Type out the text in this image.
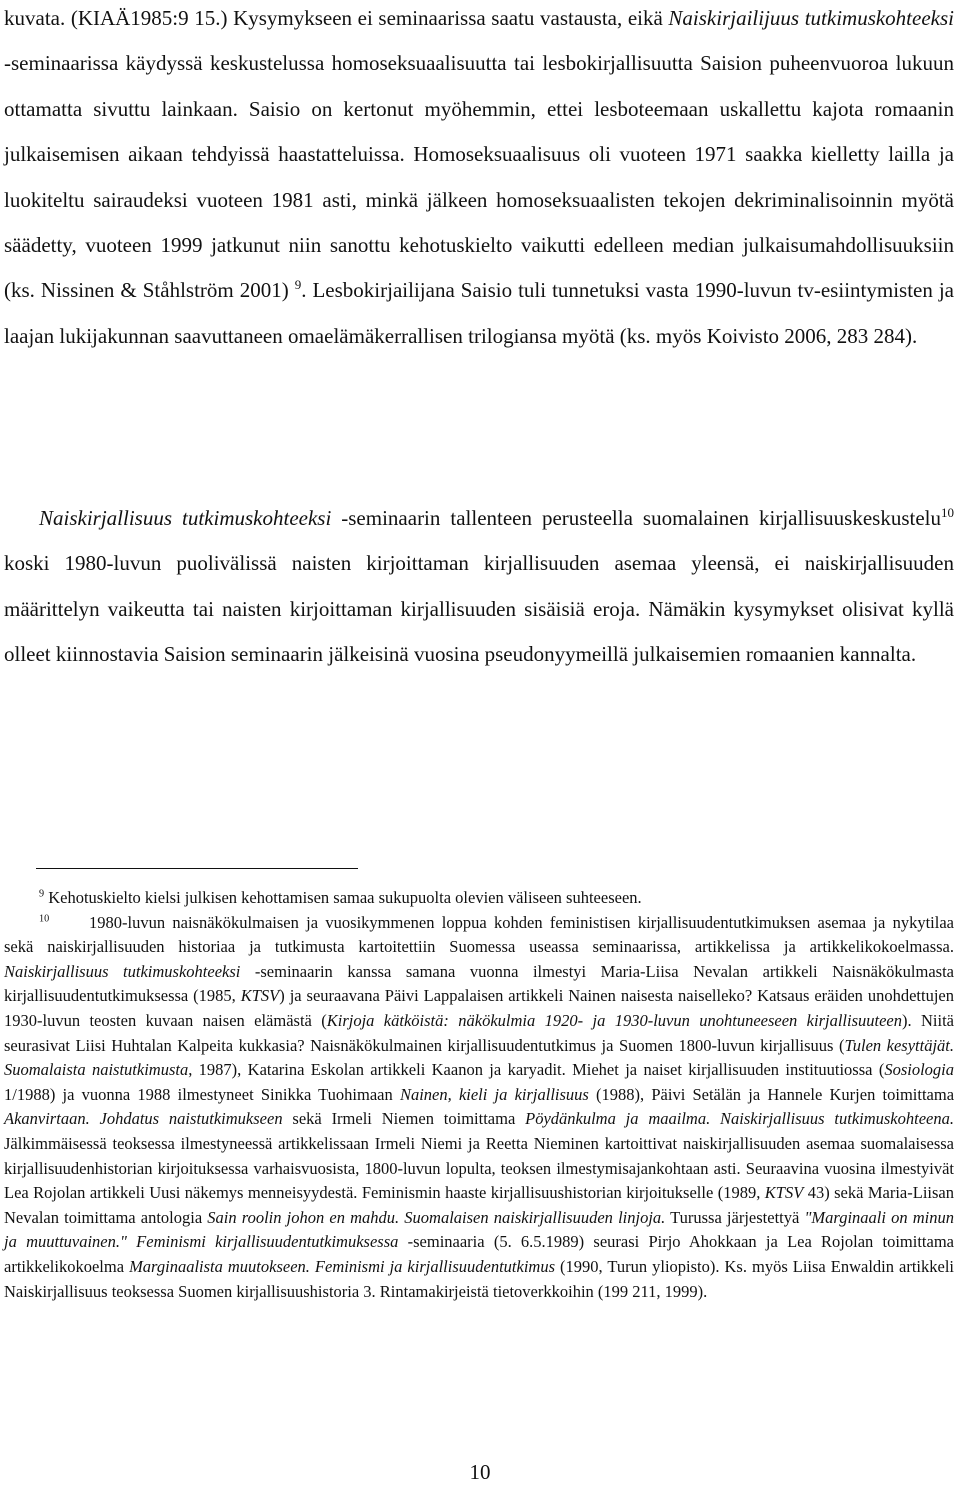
kuvata. (KIAÄ1985:9 15.) Kysymykseen ei seminaarissa saatu vastausta, eikä Naiskirjailijuus tutkimuskohteeksi -seminaarissa käydyssä keskustelussa homoseksuaalisuutta tai lesbokirjallisuutta Saision puheenvuoroa lukuun ottamatta sivuttu lainkaan. Saisio on kertonut myöhemmin, ettei lesboteemaan uskallettu kajota romaanin julkaisemisen aikaan tehdyissä haastatteluissa. Homoseksuaalisuus oli vuoteen 1971 saakka kielletty lailla ja luokiteltu sairaudeksi vuoteen 1981 asti, minkä jälkeen homoseksuaalisten tekojen dekriminalisoinnin myötä säädetty, vuoteen 1999 jatkunut niin sanottu kehotuskielto vaikutti edelleen median julkaisumahdollisuuksiin (ks. Nissinen & Ståhlström 2001) $^9$. Lesbokirjailijana Saisio tuli tunnetuksi vasta 1990-luvun tv-esiintymisten ja laajan lukijakunnan saavuttaneen omaelämäkerrallisen trilogiansa myötä (ks. myös Koivisto 2006, 283 284).
Naiskirjallisuus tutkimuskohteeksi -seminaarin tallenteen perusteella suomalainen kirjallisuuskeskustelu$^{10}$ koski 1980-luvun puolivälissä naisten kirjoittaman kirjallisuuden asemaa yleensä, ei naiskirjallisuuden määrittelyn vaikeutta tai naisten kirjoittaman kirjallisuuden sisäisiä eroja. Nämäkin kysymykset olisivat kyllä olleet kiinnostavia Saision seminaarin jälkeisinä vuosina pseudonyymeillä julkaisemien romaanien kannalta.

$^9$ Kehotuskielto kielsi julkisen kehottamisen samaa sukupuolta olevien väliseen suhteeseen.

$^{10}$ 1980-luvun naisnäkökulmaisen ja vuosikymmenen loppua kohden feministisen kirjallisuudentutkimuksen asemaa ja nykytilaa sekä naiskirjallisuuden historiaa ja tutkimusta kartoitettiin Suomessa useassa seminaarissa, artikkelissa ja artikkelikokoelmassa. Naiskirjallisuus tutkimuskohteeksi -seminaarin kanssa samana vuonna ilmestyi Maria-Liisa Nevalan artikkeli Naisnäkökulmasta kirjallisuudentutkimuksessa (1985, KTSV) ja seuraavana Päivi Lappalaisen artikkeli Nainen naisesta naiselleko? Katsaus eräiden unohdettujen 1930-luvun teosten kuvaan naisen elämästä (Kirjoja kätköistä: näkökulmia 1920- ja 1930-luvun unohtuneeseen kirjallisuuteen). Niitä seurasivat Liisi Huhtalan Kalpeita kukkasia? Naisnäkökulmainen kirjallisuudentutkimus ja Suomen 1800-luvun kirjallisuus (Tulen kesyttäjät. Suomalaista naistutkimusta, 1987), Katarina Eskolan artikkeli Kaanon ja karyadit. Miehet ja naiset kirjallisuuden instituutiossa (Sosiologia 1/1988) ja vuonna 1988 ilmestyneet Sinikka Tuohimaan Nainen, kieli ja kirjallisuus (1988), Päivi Setälän ja Hannele Kurjen toimittama Akanvirtaan. Johdatus naistutkimukseen sekä Irmeli Niemen toimittama Pöydänkulma ja maailma. Naiskirjallisuus tutkimuskohteena. Jälkimmäisessä teoksessa ilmestyneessä artikkelissaan Irmeli Niemi ja Reetta Nieminen kartoittivat naiskirjallisuuden asemaa suomalaisessa kirjallisuudenhistorian kirjoituksessa varhaisvuosista, 1800-luvun lopulta, teoksen ilmestymisajankohtaan asti. Seuraavina vuosina ilmestyivät Lea Rojolan artikkeli Uusi näkemys menneisyydestä. Feminismin haaste kirjallisuushistorian kirjoitukselle (1989, KTSV 43) sekä Maria-Liisan Nevalan toimittama antologia Sain roolin johon en mahdu. Suomalaisen naiskirjallisuuden linjoja. Turussa järjestettyä "Marginaali on minun ja muuttuvainen." Feminismi kirjallisuudentutkimuksessa -seminaaria (5. 6.5.1989) seurasi Pirjo Ahokkaan ja Lea Rojolan toimittama artikkelikokoelma Marginaalista muutokseen. Feminismi ja kirjallisuudentutkimus (1990, Turun yliopisto). Ks. myös Liisa Enwaldin artikkeli Naiskirjallisuus teoksessa Suomen kirjallisuushistoria 3. Rintamakirjeistä tietoverkkoihin (199 211, 1999).

10
